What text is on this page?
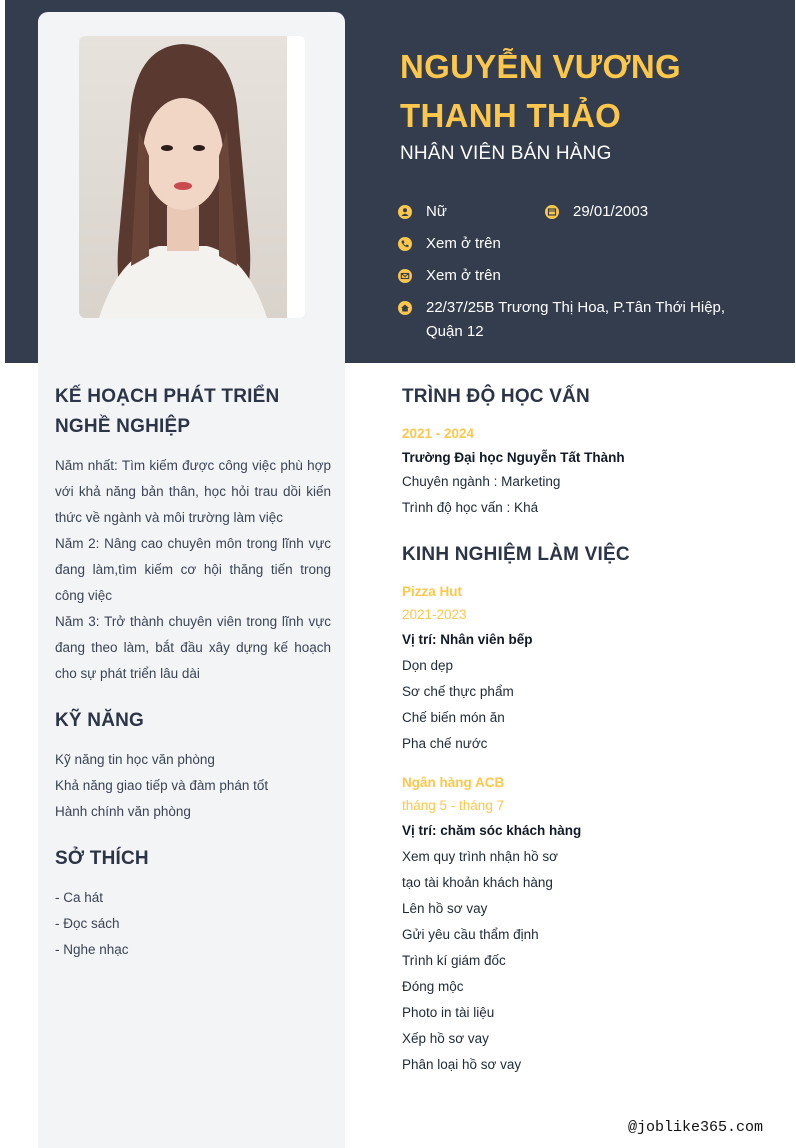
NGUYỄN VƯƠNG
THANH THẢO
NHÂN VIÊN BÁN HÀNG
Nữ	29/01/2003
Xem ở trên
Xem ở trên
22/37/25B Trương Thị Hoa, P.Tân Thới Hiệp, Quận 12
KẾ HOẠCH PHÁT TRIỂN NGHỀ NGHIỆP
Năm nhất: Tìm kiếm được công việc phù hợp với khả năng bản thân, học hỏi trau dồi kiến thức về ngành và môi trường làm việc
Năm 2: Nâng cao chuyên môn trong lĩnh vực đang làm,tìm kiếm cơ hội thăng tiến trong công việc
Năm 3: Trở thành chuyên viên trong lĩnh vực đang theo làm, bắt đầu xây dựng kế hoạch cho sự phát triển lâu dài
KỸ NĂNG
Kỹ năng tin học văn phòng
Khả năng giao tiếp và đàm phán tốt
Hành chính văn phòng
SỞ THÍCH
- Ca hát
- Đọc sách
- Nghe nhạc
TRÌNH ĐỘ HỌC VẤN
2021 - 2024
Trường Đại học Nguyễn Tất Thành
Chuyên ngành : Marketing
Trình độ học vấn : Khá
KINH NGHIỆM LÀM VIỆC
Pizza Hut
2021-2023
Vị trí: Nhân viên bếp
Dọn dẹp
Sơ chế thực phẩm
Chế biến món ăn
Pha chế nước
Ngân hàng ACB
tháng 5 - tháng 7
Vị trí: chăm sóc khách hàng
Xem quy trình nhận hồ sơ
tạo tài khoản khách hàng
Lên hồ sơ vay
Gửi yêu cầu thẩm định
Trình kí giám đốc
Đóng mộc
Photo in tài liệu
Xếp hồ sơ vay
Phân loại hồ sơ vay
@joblike365.com
